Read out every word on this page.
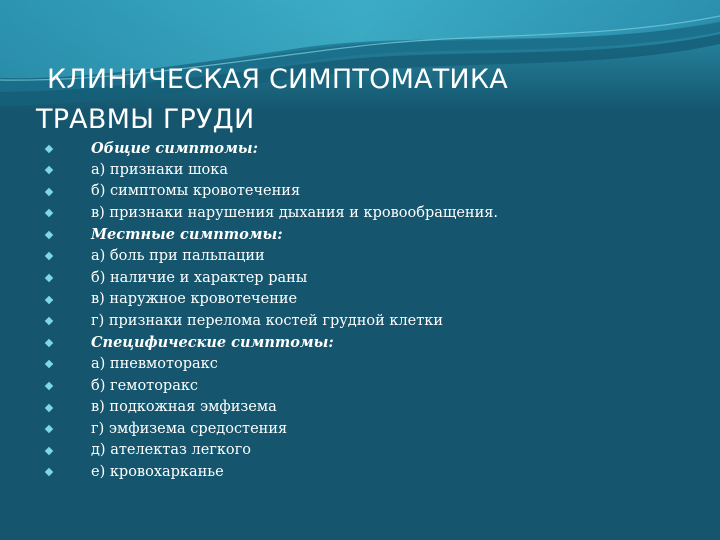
КЛИНИЧЕСКАЯ СИМПТОМАТИКА
ТРАВМЫ ГРУДИ
Общие симптомы:
а) признаки шока
б) симптомы кровотечения
в) признаки нарушения дыхания и кровообращения.
Местные симптомы:
а) боль при пальпации
б) наличие и характер раны
в) наружное кровотечение
г) признаки перелома костей грудной клетки
Специфические симптомы:
а) пневмоторакс
б) гемоторакс
в) подкожная эмфизема
г) эмфизема средостения
д) ателектаз легкого
е) кровохарканье
